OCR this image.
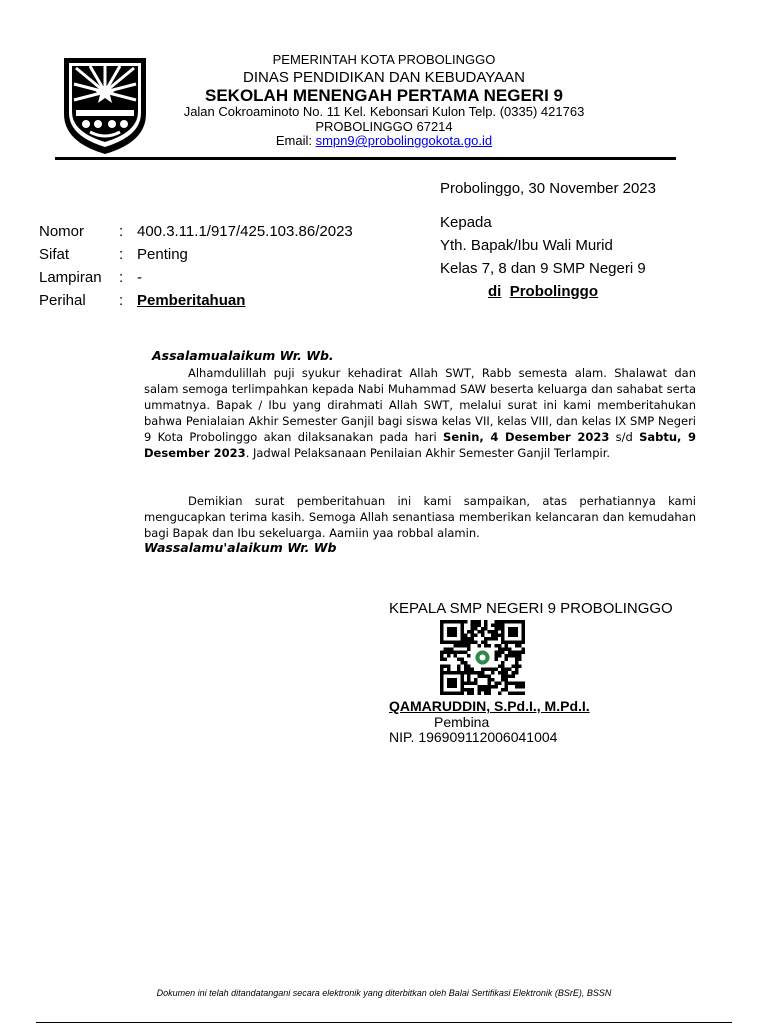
PEMERINTAH KOTA PROBOLINGGO
DINAS PENDIDIKAN DAN KEBUDAYAAN
SEKOLAH MENENGAH PERTAMA NEGERI 9
Jalan Cokroaminoto No. 11 Kel. Kebonsari Kulon Telp. (0335) 421763
PROBOLINGGO 67214
Email: smpn9@probolinggokota.go.id
Probolinggo, 30 November 2023
Kepada
Yth. Bapak/Ibu Wali Murid
Kelas 7, 8 dan 9 SMP Negeri 9
di Probolinggo
Nomor : 400.3.11.1/917/425.103.86/2023
Sifat	: Penting
Lampiran : -
Perihal : Pemberitahuan
Assalamualaikum Wr. Wb.
Alhamdulillah puji syukur kehadirat Allah SWT, Rabb semesta alam. Shalawat dan salam semoga terlimpahkan kepada Nabi Muhammad SAW beserta keluarga dan sahabat serta ummatnya. Bapak / Ibu yang dirahmati Allah SWT, melalui surat ini kami memberitahukan bahwa Penialaian Akhir Semester Ganjil bagi siswa kelas VII, kelas VIII, dan kelas IX SMP Negeri 9 Kota Probolinggo akan dilaksanakan pada hari Senin, 4 Desember 2023 s/d Sabtu, 9 Desember 2023. Jadwal Pelaksanaan Penilaian Akhir Semester Ganjil Terlampir.
Demikian surat pemberitahuan ini kami sampaikan, atas perhatiannya kami mengucapkan terima kasih. Semoga Allah senantiasa memberikan kelancaran dan kemudahan bagi Bapak dan Ibu sekeluarga. Aamiin yaa robbal alamin.
Wassalamu'alaikum Wr. Wb
KEPALA SMP NEGERI 9 PROBOLINGGO
QAMARUDDIN, S.Pd.I., M.Pd.I.
Pembina
NIP. 196909112006041004
Dokumen ini telah ditandatangani secara elektronik yang diterbitkan oleh Balai Sertifikasi Elektronik (BSrE), BSSN
